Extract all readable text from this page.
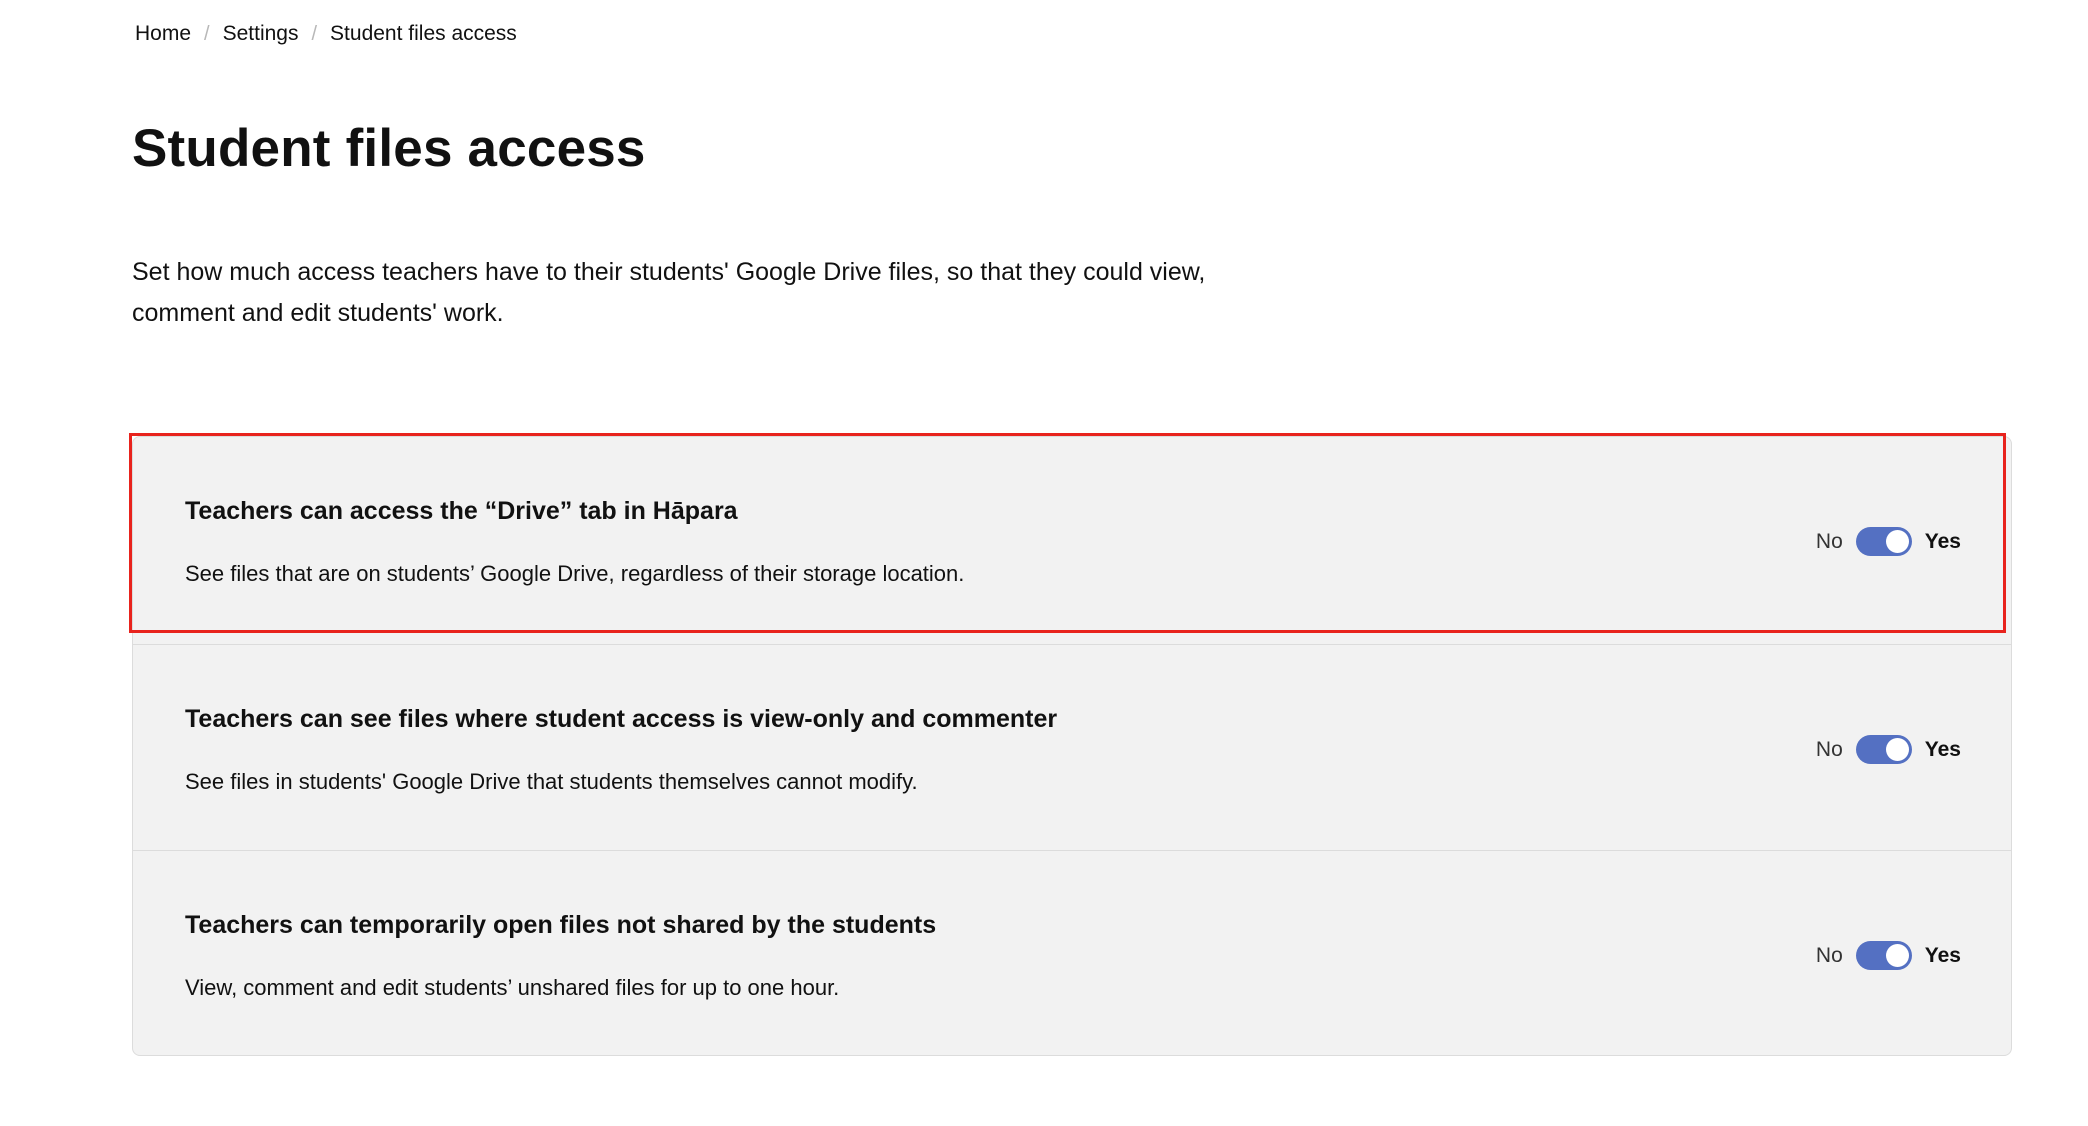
Home / Settings / Student files access
Student files access

Set how much access teachers have to their students' Google Drive files, so that they could view, comment and edit students' work.

Teachers can access the “Drive” tab in Hāpara

See files that are on students’ Google Drive, regardless of their storage location.

No	Yes
Teachers can see files where student access is view-only and commenter

See files in students' Google Drive that students themselves cannot modify.

No	Yes
Teachers can temporarily open files not shared by the students

View, comment and edit students’ unshared files for up to one hour.

No	Yes
